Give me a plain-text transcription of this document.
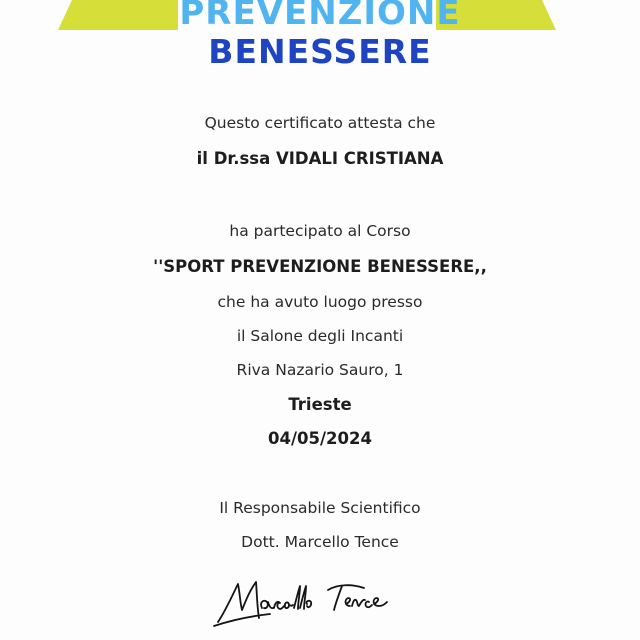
PREVENZIONE
BENESSERE
Questo certificato attesta che
il Dr.ssa VIDALI CRISTIANA
ha partecipato al Corso
''SPORT PREVENZIONE BENESSERE,,
che ha avuto luogo presso
il Salone degli Incanti
Riva Nazario Sauro, 1
Trieste
04/05/2024
Il Responsabile Scientifico
Dott. Marcello Tence
